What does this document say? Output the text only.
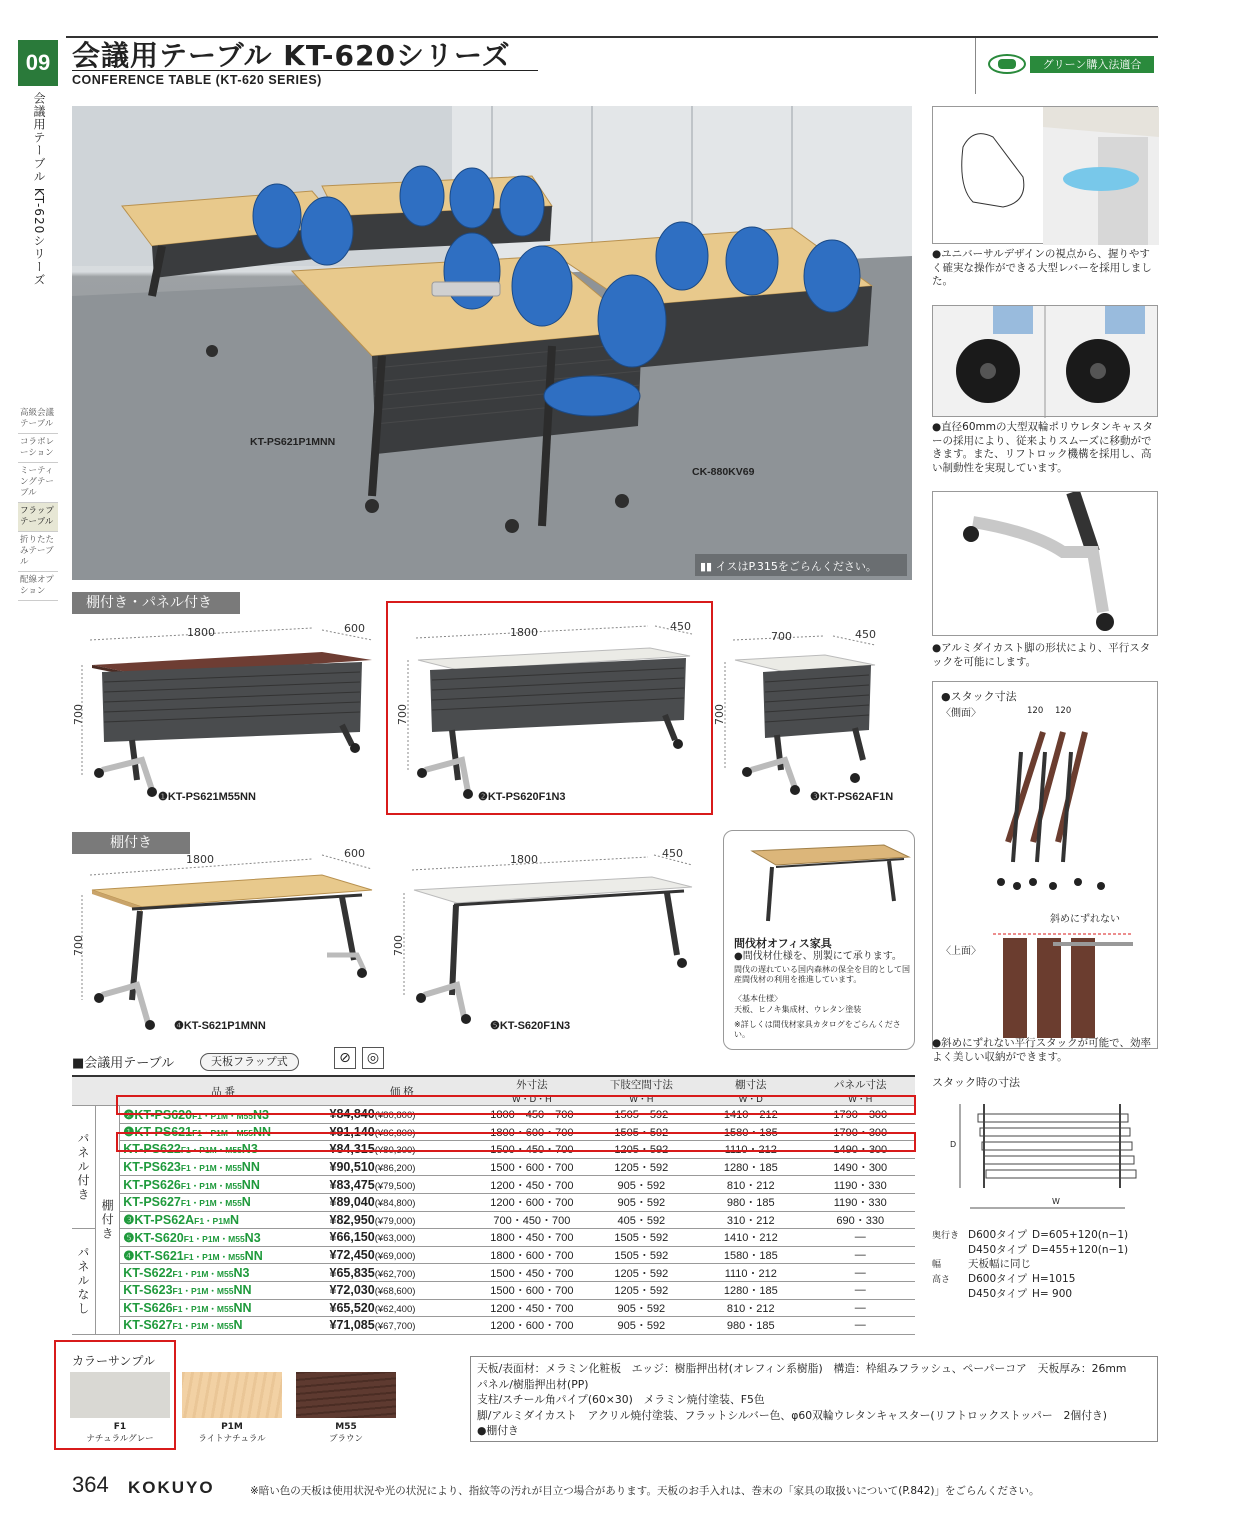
09
会議用テーブル KT-620シリーズ
高級会議テーブル
コラボレーション
ミーティングテーブル
フラップテーブル
折りたたみテーブル
配線オプション
会議用テーブル KT-620シリーズ
CONFERENCE TABLE (KT-620 SERIES)
グリーン購入法適合
KT-PS621P1MNN
CK-880KV69
▮▮ イスはP.315をごらんください。
棚付き・パネル付き
棚付き
1800	600
700
❶KT-PS621M55NN
1800	450
700
❷KT-PS620F1N3
700	450
700
❸KT-PS62AF1N
1800	600
700
❹KT-S621P1MNN
1800	450
700
❺KT-S620F1N3
間伐材オフィス家具
●間伐材仕様を、別製にて承ります。
間伐の遅れている国内森林の保全を目的として国産間伐材の利用を推進しています。
〈基本仕様〉
天板、ヒノキ集成材、ウレタン塗装
※詳しくは間伐材家具カタログをごらんください。
●ユニバーサルデザインの視点から、握りやすく確実な操作ができる大型レバーを採用しました。
●直径60mmの大型双輪ポリウレタンキャスターの採用により、従来よりスムーズに移動ができます。また、リフトロック機構を採用し、高い制動性を実現しています。
●アルミダイカスト脚の形状により、平行スタックを可能にします。
●スタック寸法
〈側面〉	120 120
斜めにずれない
〈上面〉
●斜めにずれない平行スタックが可能で、効率よく美しい収納ができます。
スタック時の寸法
D
W
奥行き D600タイプ D=605+120(n−1)
D450タイプ D=455+120(n−1)
幅	天板幅に同じ
高さ D600タイプ H=1015
D450タイプ H= 900
■会議用テーブル	天板フラップ式	⊘	◎
		品 番	価 格	外寸法	下肢空間寸法	棚寸法	パネル寸法
				W・D・H	W・H	W・D	W・H
パネル付き	棚付き	❷KT-PS620F1・P1M・M55N3	¥84,840(¥80,800)	1800・450・700	1505・592	1410・212	1790・300
		❶KT-PS621F1・P1M・M55NN	¥91,140(¥86,800)	1800・600・700	1505・592	1580・185	1790・300
		KT-PS622F1・P1M・M55N3	¥84,315(¥80,300)	1500・450・700	1205・592	1110・212	1490・300
		KT-PS623F1・P1M・M55NN	¥90,510(¥86,200)	1500・600・700	1205・592	1280・185	1490・300
		KT-PS626F1・P1M・M55NN	¥83,475(¥79,500)	1200・450・700	905・592	810・212	1190・330
		KT-PS627F1・P1M・M55N	¥89,040(¥84,800)	1200・600・700	905・592	980・185	1190・330
		❸KT-PS62AF1・P1MN	¥82,950(¥79,000)	700・450・700	405・592	310・212	690・330
パネルなし		❺KT-S620F1・P1M・M55N3	¥66,150(¥63,000)	1800・450・700	1505・592	1410・212	—
		❹KT-S621F1・P1M・M55NN	¥72,450(¥69,000)	1800・600・700	1505・592	1580・185	—
		KT-S622F1・P1M・M55N3	¥65,835(¥62,700)	1500・450・700	1205・592	1110・212	—
		KT-S623F1・P1M・M55NN	¥72,030(¥68,600)	1500・600・700	1205・592	1280・185	—
		KT-S626F1・P1M・M55NN	¥65,520(¥62,400)	1200・450・700	905・592	810・212	—
		KT-S627F1・P1M・M55N	¥71,085(¥67,700)	1200・600・700	905・592	980・185	—
カラーサンプル
F1
ナチュラルグレー
P1M
ライトナチュラル
M55
ブラウン
天板/表面材：メラミン化粧板　エッジ：樹脂押出材(オレフィン系樹脂)　構造：枠組みフラッシュ、ペーパーコア　天板厚み：26mm
パネル/樹脂押出材(PP)
支柱/スチール角パイプ(60×30)　メラミン焼付塗装、F5色
脚/アルミダイカスト　アクリル焼付塗装、フラットシルバー色、φ60双輪ウレタンキャスター(リフトロックストッパー　2個付き)
●棚付き
364 KOKUYO	※暗い色の天板は使用状況や光の状況により、指紋等の汚れが目立つ場合があります。天板のお手入れは、巻末の「家具の取扱いについて(P.842)」をごらんください。
